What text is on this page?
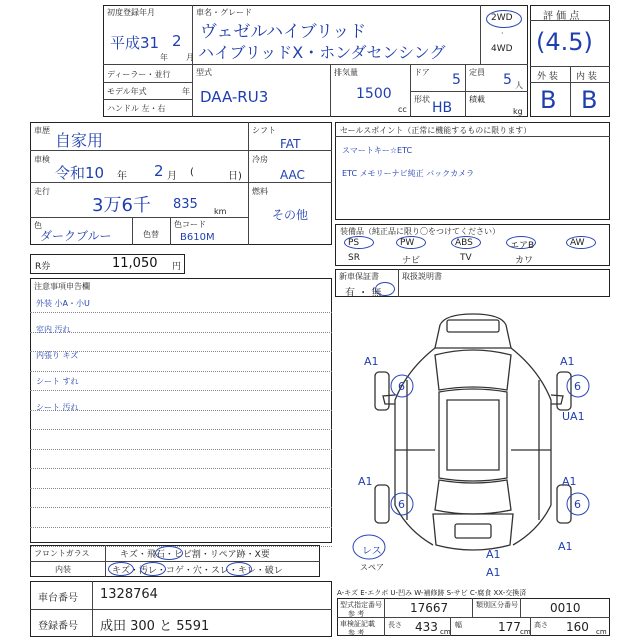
初度登録年月
平成31
年
2
月
車名・グレード
ヴェゼルハイブリッド
ハイブリッドX・ホンダセンシング
2WD
·
4WD
ディーラー・並行
モデル年式	年
ハンドル 左・右
型式
DAA-RU3
排気量
1500
cc
ドア 5 定員 5 人
形状
HB
積載
kg
評 価 点
(4.5)
外 装 内 装
B B
車歴
自家用
車検
令和10 年 2 月 (	日)
走行
3万6千 835 km
色
ダークブルー	色替
色コード
B610M
シフト
FAT
冷房
AAC
燃料
その他
R券	11,050 円
セールスポイント（正常に機能するものに限ります）
スマートキー☆ETC
ETC メモリーナビ純正 バックカメラ
装備品（純正品に限り〇をつけてください）
PS	PW	ABS	エアB	AW
SR	ナビ	TV	カワ
新車保証書
有 ・ 無
取扱説明書
注意事項申告欄
外装 小A・小U
室内 汚れ
内張り キズ
シート すれ
シート 汚れ
A1
6
A1
6
UA1
A1
6
A1
6
A1
A1
A1
レス
スペア
フロントガラス	キズ・飛石・ヒビ割・リペア跡・X要
内装	キズ・汚レ・コゲ・穴・スレ・キレ・破レ
A-キズ E-エクボ U-凹み W-補修跡 S-サビ C-腐食 XX-交換済
車台番号 1328764
登録番号 成田 300 と 5591
型式指定番号
参 考	17667	類別区分番号	0010
車検証記載
参 考
長さ 433 cm
幅	177 cm
高さ 160 cm
